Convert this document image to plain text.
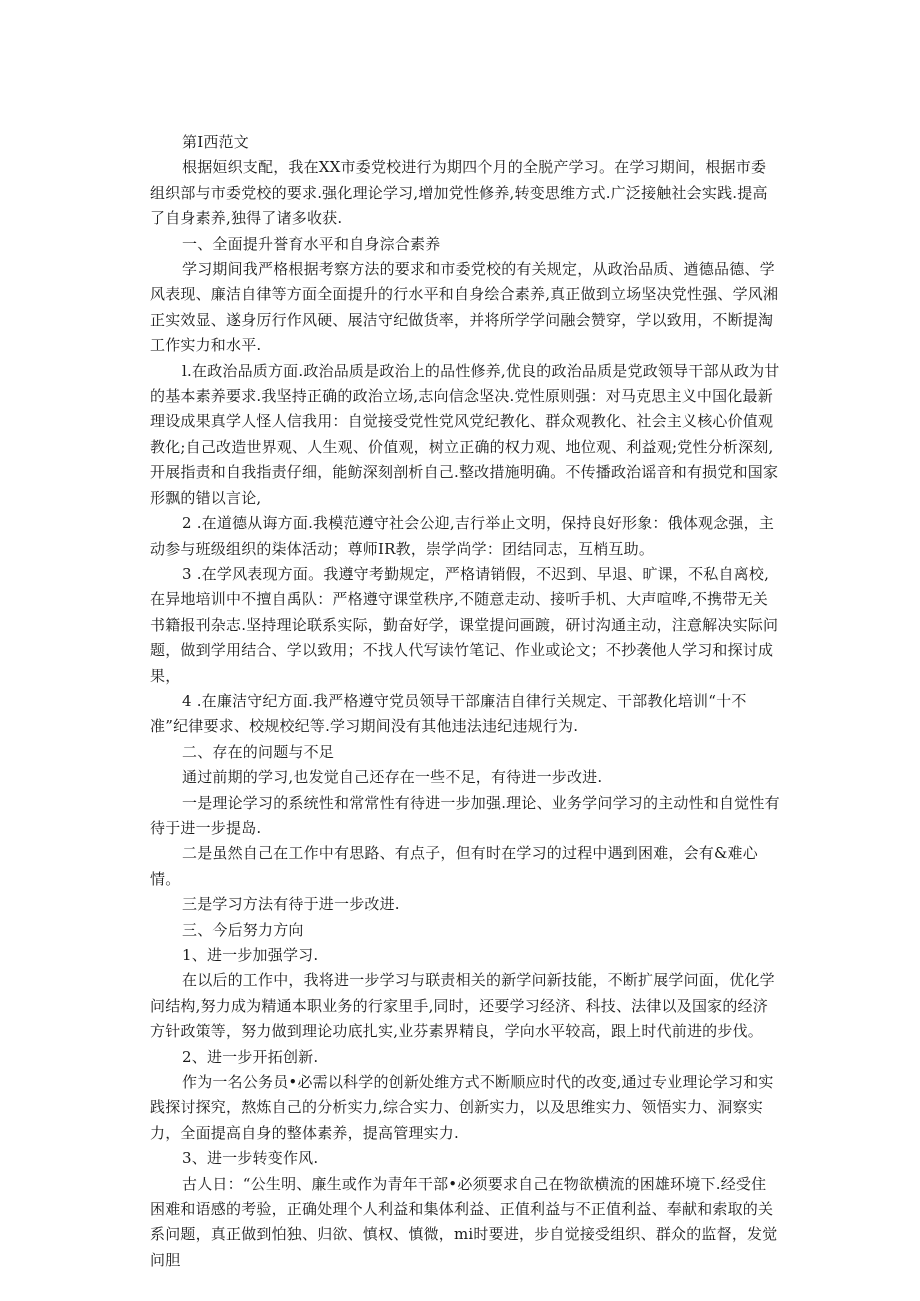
第I西范文

根据姮织支配，我在XX市委党校进行为期四个月的全脱产学习。在学习期间，根据市委组织部与市委党校的要求.强化理论学习,增加党性修养,转变思维方式.广泛接触社会实践.提高了自身素养,独得了诸多收获.

一、全面提升誉育水平和自身淙合素养

学习期间我严格根据考察方法的要求和市委党校的有关规定，从政治品质、遒德品德、学风表现、廉洁自律等方面全面提升的行水平和自身绘合素养,真正做到立场坚决党性强、学风湘正实效显、遂身厉行作风硬、展洁守纪做货率，并将所学学问融会赞穿，学以致用，不断提淘工作实力和水平.

l.在政治品质方面.政治品质是政治上的品性修养,优良的政治品质是党政领导干部从政为甘的基本素养要求.我坚持正确的政治立场,志向信念坚决.党性原则强：对马克思主义中国化最新理设成果真学人怪人信我用：自觉接受党性党风党纪教化、群众观教化、社会主义核心价值观教化;自己改造世界观、人生观、价值观，树立正确的权力观、地位观、利益观;党性分析深刻,开展指责和自我指责仔细，能鲂深刻剖析自己.整改措施明确。不传播政治谣音和有损党和国家形飘的错以言论,

2 .在道德从诲方面.我模范遵守社会公迎,吉行举止文明，保持良好形象：俄体观念强，主动参与班级组织的柒体活动；尊师IR教，崇学尚学：团结同志，互梢互助。

3 .在学风表现方面。我遵守考勤规定，严格请销假，不迟到、早退、旷课，不私自离校,在异地培训中不擅自禹队：严格遵守课堂秩序,不随意走动、接听手机、大声喧哗,不携带无关书籍报刊杂志.坚持理论联系实际，勤奋好学，课堂提问画踱，研讨沟通主动，注意解决实际问题，做到学用结合、学以致用；不找人代写读竹笔记、作业或论文；不抄袭他人学习和探讨成果，

4 .在廉洁守纪方面.我严格遵守党员领导干部廉洁自律行关规定、干部教化培训“十不准”纪律要求、校规校纪等.学习期间没有其他违法违纪违规行为.

二、存在的问题与不足

通过前期的学习,也发觉自己还存在一些不足，有待进一步改进.

一是理论学习的系统性和常常性有待进一步加强.理论、业务学问学习的主动性和自觉性有待于进一步提岛.

二是虽然自己在工作中有思路、有点子，但有时在学习的过程中遇到困难，会有&难心情。

三是学习方法有待于进一步改进.

三、今后努力方向

1、进一步加强学习.

在以后的工作中，我将进一步学习与联责相关的新学问新技能，不断扩展学问面，优化学问结构,努力成为精通本职业务的行家里手,同时，还要学习经济、科技、法律以及国家的经济方针政策等，努力做到理论功底扎实,业芬素界精良，学向水平较高，跟上时代前进的步伐。

2、进一步开拓创新.

作为一名公务员•必需以科学的创新处维方式不断顺应时代的改变,通过专业理论学习和实践探讨探究，熬炼自己的分析实力,综合实力、创新实力，以及思维实力、领悟实力、洞察实力，全面提高自身的整体素养，提高管理实力.

3、进一步转变作风.

古人日：“公生明、廉生或作为青年干部•必须要求自己在物欲横流的困雄环境下.经受住困难和语感的考验，正确处理个人利益和集体利益、正值利益与不正值利益、奉献和索取的关系问题，真正做到怕独、归欲、慎权、慎微，mi时要进，步自觉接受组织、群众的监督，发觉问胆
